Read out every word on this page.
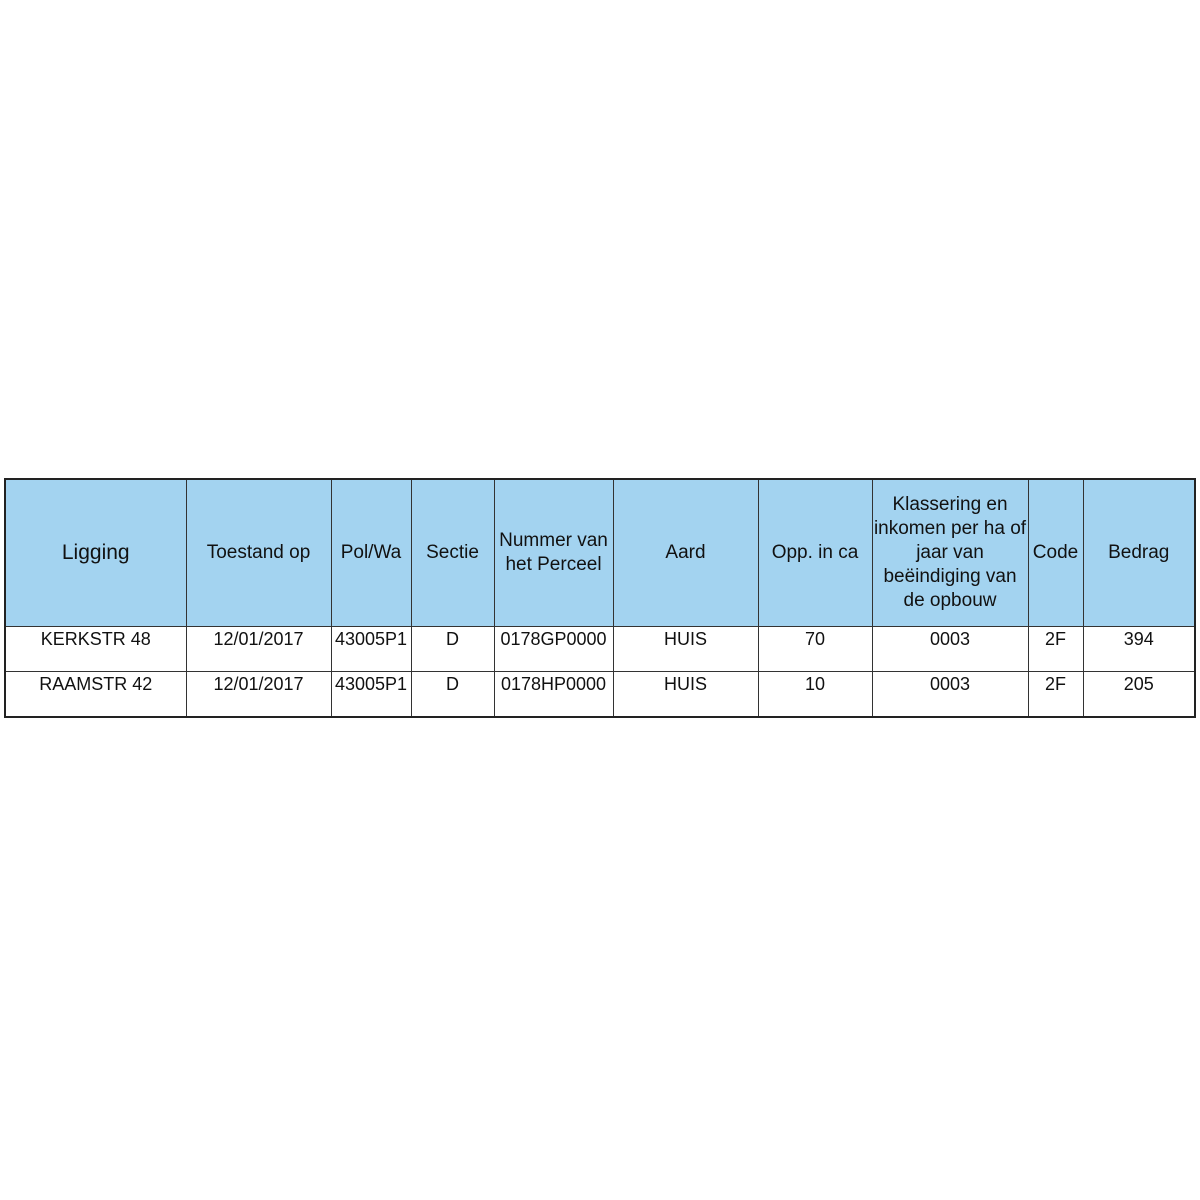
Ligging	Toestand op	Pol/Wa	Sectie	Nummer van het Perceel	Aard	Opp. in ca	Klassering en inkomen per ha of jaar van beëindiging van de opbouw	Code	Bedrag
KERKSTR 48	12/01/2017	43005P1	D	0178GP0000	HUIS	70	0003	2F	394
RAAMSTR 42	12/01/2017	43005P1	D	0178HP0000	HUIS	10	0003	2F	205
